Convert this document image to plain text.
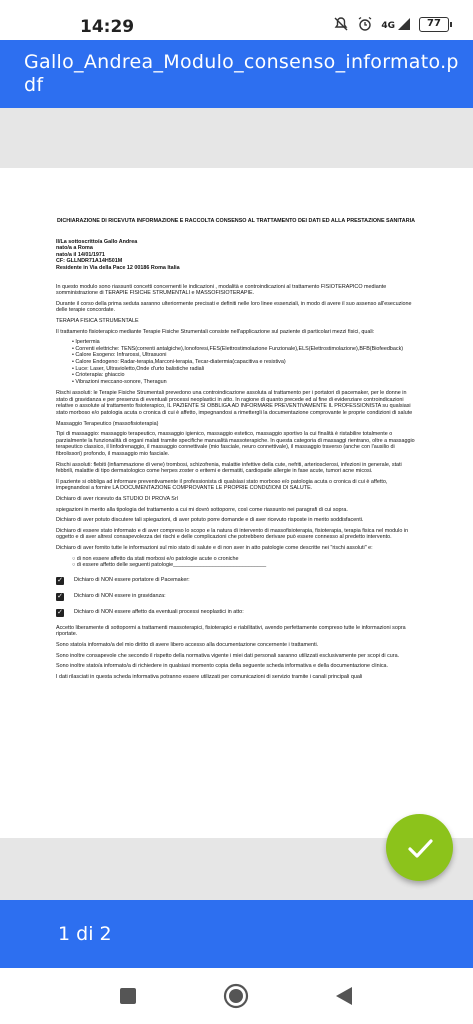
14:29	4G	77
Gallo_Andrea_Modulo_consenso_informato.pdf

DICHIARAZIONE DI RICEVUTA INFORMAZIONE E RACCOLTA CONSENSO AL TRATTAMENTO DEI DATI ED ALLA PRESTAZIONE SANITARIA

Il/La sottoscritto/a Gallo Andrea

nato/a a Roma

nato/a il 14/01/1971

CF: GLLNDR71A14H501M

Residente in Via della Pace 12 00186 Roma Italia

In questo modulo sono riassunti concetti concernenti le indicazioni , modalità e controindicazioni al trattamento FISIOTERAPICO mediante somministrazione di TERAPIE FISICHE STRUMENTALI e MASSOFISIOTERAPIE.

Durante il corso della prima seduta saranno ulteriormente precisati e definiti nelle loro linee essenziali, in modo di avere il suo assenso all'esecuzione delle terapie concordate.

TERAPIA FISICA STRUMENTALE

Il trattamento fisioterapico mediante Terapie Fisiche Strumentali consiste nell'applicazione sul paziente di particolari mezzi fisici, quali:

• Ipertermia
• Correnti elettriche: TENS(correnti antalgiche),Ionoforesi,FES(Elettrostimolazione Funzionale),ELS(Elettrostimolazione),BFB(Biofeedback)
• Calore Esogeno: Infrarossi, Ultrasuoni
• Calore Endogeno: Radar-terapia,Marconi-terapia, Tecar-diatermia(capacitiva e resistiva)
• Luce: Laser, Ultravioletto,Onde d'urto balistiche radiali
• Crioterapia: ghiaccio
• Vibrazioni meccano-sonore, Theragun

Rischi assoluti: le Terapie Fisiche Strumentali prevedono una controindicazione assoluta al trattamento per i portatori di pacemaker, per le donne in stato di gravidanza e per presenza di eventuali processi neoplastici in atto. In ragione di quanto precede ed al fine di evidenziare controindicazioni relative o assolute al trattamento fisioterapico, IL PAZIENTE SI OBBLIGA AD INFORMARE PREVENTIVAMENTE IL PROFESSIONISTA su qualsiasi stato morboso e/o patologia acuta o cronica di cui è affetto, impegnandosi a rimettergli la documentazione comprovante le proprie condizioni di salute

Massaggio Terapeutico (massofisioterapia)

Tipi di massaggio: massaggio terapeutico, massaggio igienico, massaggio estetico, massaggio sportivo la cui finalità è ristabilire totalmente o parzialmente la funzionalità di organi malati tramite specifiche manualità massoterapiche. In questa categoria di massaggi rientrano, oltre a massaggio terapeutico classico, il linfodrenaggio, il massaggio connettivale (mio fasciale, neuro connettivale), il massaggio traverso (anche con l'ausilio di fibrolissori) profondo, il massaggio mio fasciale.

Rischi assoluti: flebiti (infiammazione di vene) trombosi, schizofrenia, malattie infettive della cute, nefriti, arteriosclerosi, infezioni in generale, stati febbrili, malattie di tipo dermatologico come herpes zoster o eritemi e dermatiti, cardiopatie allergie in fase acute, tumori acne micosi.

Il paziente si obbliga ad informare preventivamente il professionista di qualsiasi stato morboso e/o patologia acuta o cronica di cui è affetto, impegnandosi a fornire LA DOCUMENTAZIONE COMPROVANTE LE PROPRIE CONDIZIONI DI SALUTE.

Dichiaro di aver ricevuto da STUDIO DI PROVA Srl

spiegazioni in merito alla tipologia del trattamento a cui mi dovrò sottoporre, così come riassunto nei paragrafi di cui sopra.

Dichiaro di aver potuto discutere tali spiegazioni, di aver potuto porre domande e di aver ricevuto risposte in merito soddisfacenti.

Dichiaro di essere stato informato e di aver compreso lo scopo e la natura di intervento di massofisioterapia, fisioterapia, terapia fisica nel modulo in oggetto e di aver altresì consapevolezza dei rischi e delle complicazioni che potrebbero derivare può essere connesso al predetto intervento.

Dichiaro di aver fornito tutte le informazioni sul mio stato di salute e di non aver in atto patologie come descritte nei "rischi assoluti" e:

○ di non essere affetto da stati morbosi e/o patologie acute o croniche
○ di essere affetto delle seguenti patologie_______________________________
✓ Dichiaro di NON essere portatore di Pacemaker:
✓ Dichiaro di NON essere in gravidanza:
✓ Dichiaro di NON essere affetto da eventuali processi neoplastici in atto:

Accetto liberamente di sottopormi a trattamenti massoterapici, fisioterapici e riabilitativi, avendo perfettamente compreso tutte le informazioni sopra riportate.

Sono stato/a informato/a del mio diritto di avere libero accesso alla documentazione concernente i trattamenti.

Sono inoltre consapevole che secondo il rispetto della normativa vigente i miei dati personali saranno utilizzati esclusivamente per scopi di cura.

Sono inoltre stato/a informato/a di richiedere in qualsiasi momento copia della seguente scheda informativa e della documentazione clinica.

I dati rilasciati in questa scheda informativa potranno essere utilizzati per comunicazioni di servizio tramite i canali principali quali

1 di 2
